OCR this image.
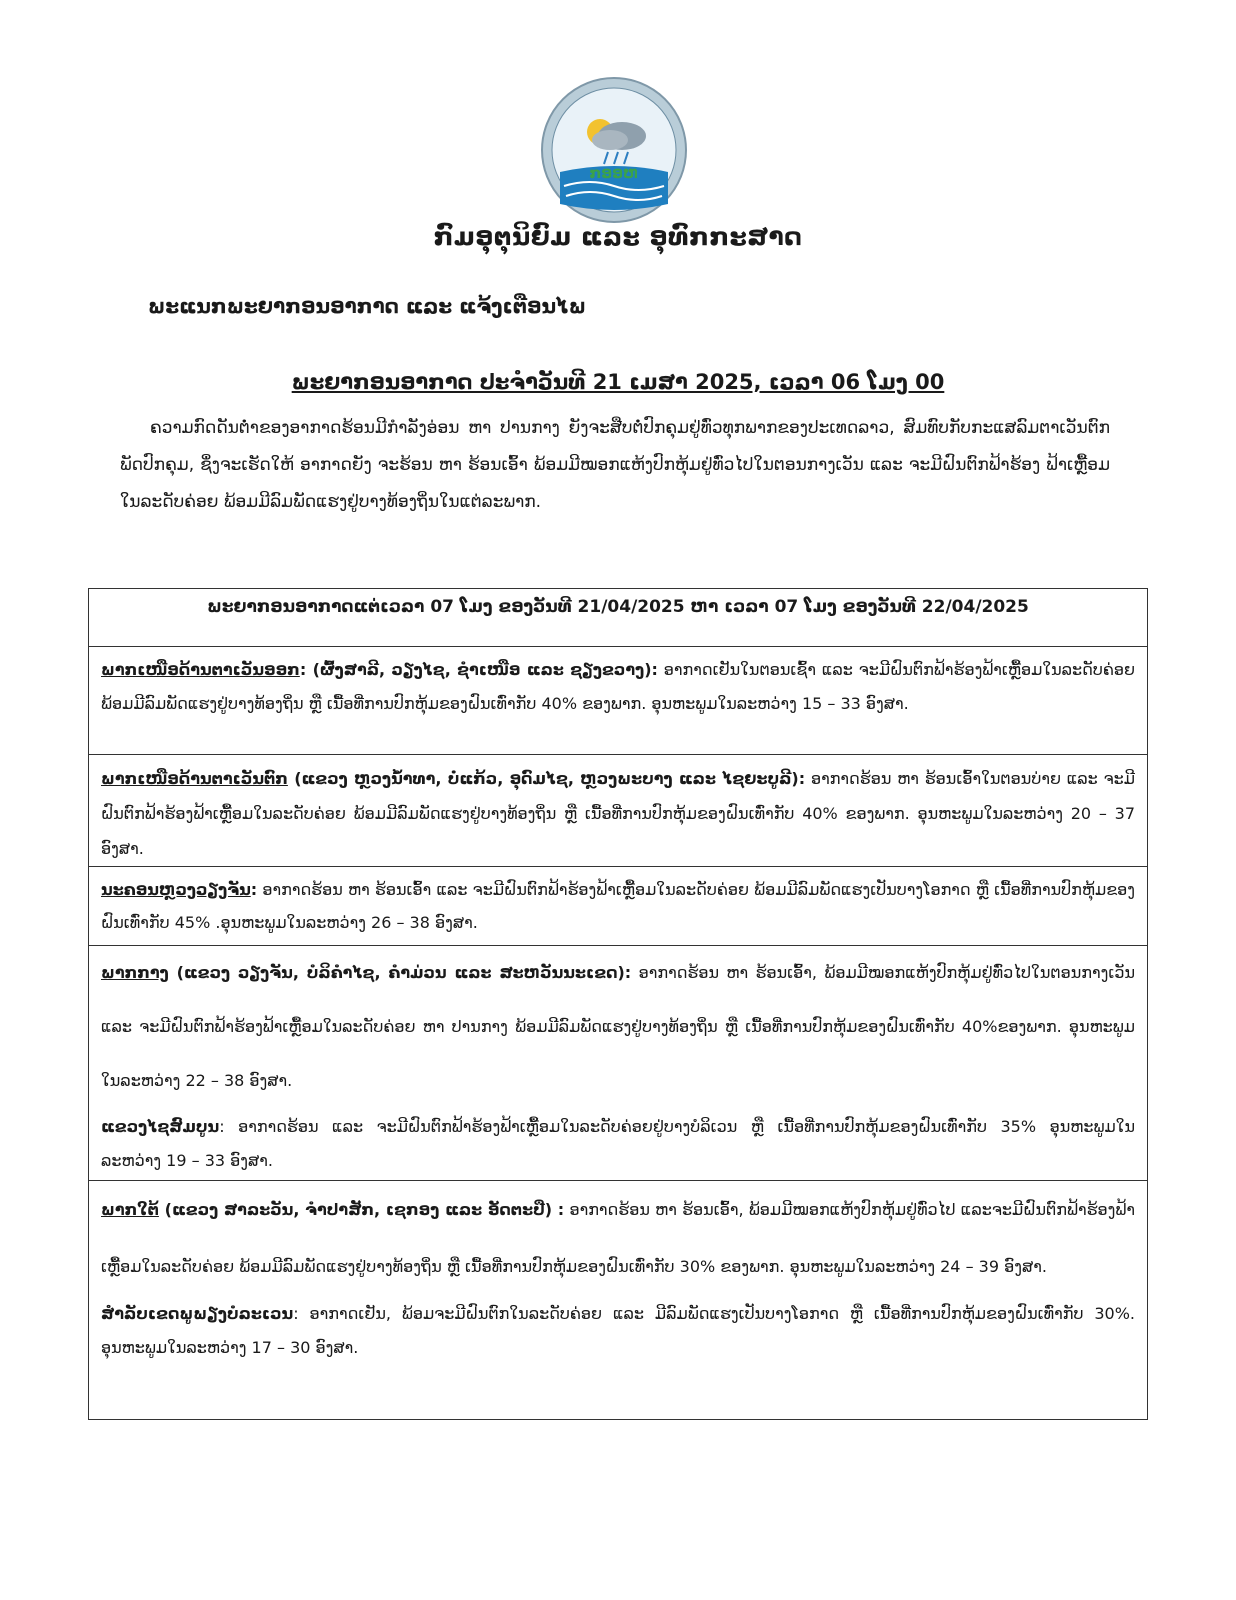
ກອອຫ
ກົມອຸຕຸນິຍົມ ແລະ ອຸທົກກະສາດ
ພະແນກພະຍາກອນອາກາດ ແລະ ແຈ້ງເຕືອນໄພ
ພະຍາກອນອາກາດ ປະຈຳວັນທີ 21 ເມສາ 2025, ເວລາ 06 ໂມງ 00
ຄວາມກົດດັນຕ່ຳຂອງອາກາດຮ້ອນມີກຳລັງອ່ອນ ຫາ ປານກາງ ຍັງຈະສືບຕໍ່ປົກຄຸມຢູ່ທົ່ວທຸກພາກຂອງປະເທດລາວ, ສົມທົບກັບກະແສລົມຕາເວັນຕົກພັດປົກຄຸມ, ຊຶ່ງຈະເຮັດໃຫ້ ອາກາດຍັງ ຈະຮ້ອນ ຫາ ຮ້ອນເອົ້າ ພ້ອມມີໝອກແຫ້ງປົກຫຸ້ມຢູ່ທົ່ວໄປໃນຕອນກາງເວັນ ແລະ ຈະມີຝົນຕົກຟ້າຮ້ອງ ຟ້າເຫຼື້ອມໃນລະດັບຄ່ອຍ ພ້ອມມີລົມພັດແຮງຢູ່ບາງທ້ອງຖິ່ນໃນແຕ່ລະພາກ.
ພະຍາກອນອາກາດແຕ່ເວລາ 07 ໂມງ ຂອງວັນທີ 21/04/2025 ຫາ ເວລາ 07 ໂມງ ຂອງວັນທີ 22/04/2025
ພາກເໜືອດ້ານຕາເວັນອອກ: (ຜົ້ງສາລີ, ວຽງໄຊ, ຊຳເໜືອ ແລະ ຊຽງຂວາງ): ອາກາດເຢັນໃນຕອນເຊົ້າ ແລະ ຈະມີຝົນຕົກຟ້າຮ້ອງຟ້າເຫຼື້ອມໃນລະດັບຄ່ອຍ ພ້ອມມີລົມພັດແຮງຢູ່ບາງທ້ອງຖິ່ນ ຫຼື ເນື້ອທີ່ການປົກຫຸ້ມຂອງຝົນເທົ່າກັບ 40% ຂອງພາກ. ອຸນຫະພູມໃນລະຫວ່າງ 15 – 33 ອົງສາ.
ພາກເໜືອດ້ານຕາເວັນຕົກ (ແຂວງ ຫຼວງນ້ຳທາ, ບໍ່ແກ້ວ, ອຸດົມໄຊ, ຫຼວງພະບາງ ແລະ ໄຊຍະບູລີ): ອາກາດຮ້ອນ ຫາ ຮ້ອນເອົ້າໃນຕອນບ່າຍ ແລະ ຈະມີຝົນຕົກຟ້າຮ້ອງຟ້າເຫຼື້ອມໃນລະດັບຄ່ອຍ ພ້ອມມີລົມພັດແຮງຢູ່ບາງທ້ອງຖິ່ນ ຫຼື ເນື້ອທີ່ການປົກຫຸ້ມຂອງຝົນເທົ່າກັບ 40% ຂອງພາກ. ອຸນຫະພູມໃນລະຫວ່າງ 20 – 37 ອົງສາ.
ນະຄອນຫຼວງວຽງຈັນ: ອາກາດຮ້ອນ ຫາ ຮ້ອນເອົ້າ ແລະ ຈະມີຝົນຕົກຟ້າຮ້ອງຟ້າເຫຼື້ອມໃນລະດັບຄ່ອຍ ພ້ອມມີລົມພັດແຮງເປັນບາງໂອກາດ ຫຼື ເນື້ອທີ່ການປົກຫຸ້ມຂອງຝົນເທົ່າກັບ 45% .ອຸນຫະພູມໃນລະຫວ່າງ 26 – 38 ອົງສາ.
ພາກກາງ (ແຂວງ ວຽງຈັນ, ບໍລິຄຳໄຊ, ຄຳມ່ວນ ແລະ ສະຫວັນນະເຂດ): ອາກາດຮ້ອນ ຫາ ຮ້ອນເອົ້າ, ພ້ອມມີໝອກແຫ້ງປົກຫຸ້ມຢູ່ທົ່ວໄປໃນຕອນກາງເວັນ ແລະ ຈະມີຝົນຕົກຟ້າຮ້ອງຟ້າເຫຼື້ອມໃນລະດັບຄ່ອຍ ຫາ ປານກາງ ພ້ອມມີລົມພັດແຮງຢູ່ບາງທ້ອງຖິ່ນ ຫຼື ເນື້ອທີ່ການປົກຫຸ້ມຂອງຝົນເທົ່າກັບ 40%ຂອງພາກ. ອຸນຫະພູມໃນລະຫວ່າງ 22 – 38 ອົງສາ.
ແຂວງໄຊສົມບູນ: ອາກາດຮ້ອນ ແລະ ຈະມີຝົນຕົກຟ້າຮ້ອງຟ້າເຫຼື້ອມໃນລະດັບຄ່ອຍຢູ່ບາງບໍລິເວນ ຫຼື ເນື້ອທີ່ການປົກຫຸ້ມຂອງຝົນເທົ່າກັບ 35% ອຸນຫະພູມໃນລະຫວ່າງ 19 – 33 ອົງສາ.
ພາກໃຕ້ (ແຂວງ ສາລະວັນ, ຈຳປາສັກ, ເຊກອງ ແລະ ອັດຕະປື) : ອາກາດຮ້ອນ ຫາ ຮ້ອນເອົ້າ, ພ້ອມມີໝອກແຫ້ງປົກຫຸ້ມຢູ່ທົ່ວໄປ ແລະຈະມີຝົນຕົກຟ້າຮ້ອງຟ້າເຫຼື້ອມໃນລະດັບຄ່ອຍ ພ້ອມມີລົມພັດແຮງຢູ່ບາງທ້ອງຖິ່ນ ຫຼື ເນື້ອທີ່ການປົກຫຸ້ມຂອງຝົນເທົ່າກັບ 30% ຂອງພາກ. ອຸນຫະພູມໃນລະຫວ່າງ 24 – 39 ອົງສາ.
ສຳລັບເຂດພູພຽງບໍລະເວນ: ອາກາດເຢັນ, ພ້ອມຈະມີຝົນຕົກໃນລະດັບຄ່ອຍ ແລະ ມີລົມພັດແຮງເປັນບາງໂອກາດ ຫຼື ເນື້ອທີ່ການປົກຫຸ້ມຂອງຝົນເທົ່າກັບ 30%. ອຸນຫະພູມໃນລະຫວ່າງ 17 – 30 ອົງສາ.
